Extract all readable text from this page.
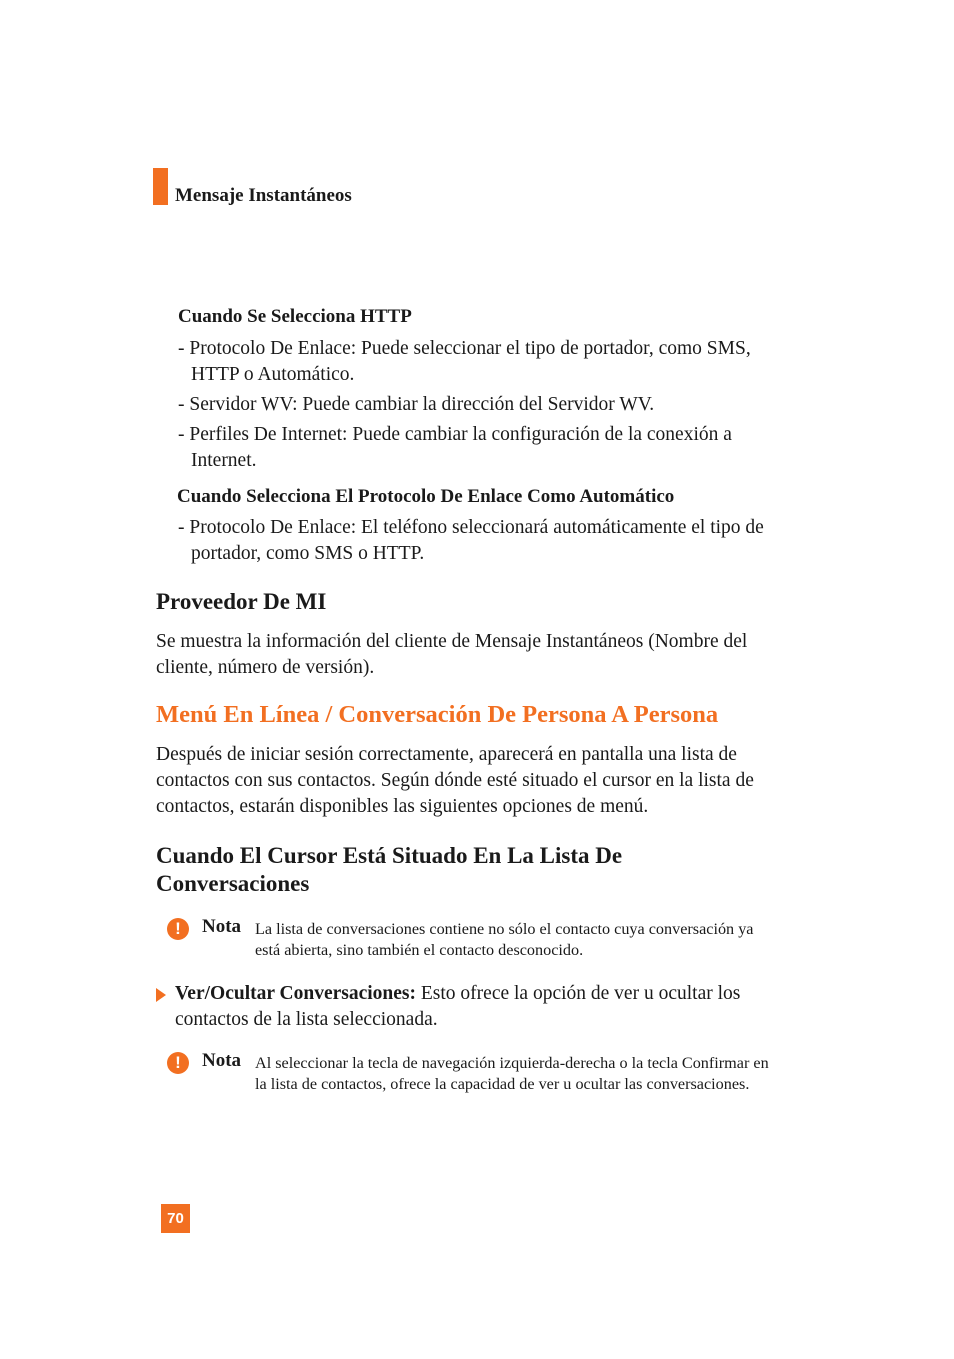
Mensaje Instantáneos
Cuando Se Selecciona HTTP
- Protocolo De Enlace: Puede seleccionar el tipo de portador, como SMS, HTTP o Automático.
- Servidor WV: Puede cambiar la dirección del Servidor WV.
- Perfiles De Internet: Puede cambiar la configuración de la conexión a Internet.
Cuando Selecciona El Protocolo De Enlace Como Automático
- Protocolo De Enlace: El teléfono seleccionará automáticamente el tipo de portador, como SMS o HTTP.
Proveedor De MI
Se muestra la información del cliente de Mensaje Instantáneos (Nombre del cliente, número de versión).
Menú En Línea / Conversación De Persona A Persona
Después de iniciar sesión correctamente, aparecerá en pantalla una lista de contactos con sus contactos. Según dónde esté situado el cursor en la lista de contactos, estarán disponibles las siguientes opciones de menú.
Cuando El Cursor Está Situado En La Lista De Conversaciones
!	Nota La lista de conversaciones contiene no sólo el contacto cuya conversación ya está abierta, sino también el contacto desconocido.
Ver/Ocultar Conversaciones: Esto ofrece la opción de ver u ocultar los contactos de la lista seleccionada.
!	Nota Al seleccionar la tecla de navegación izquierda-derecha o la tecla Confirmar en la lista de contactos, ofrece la capacidad de ver u ocultar las conversaciones.
70
